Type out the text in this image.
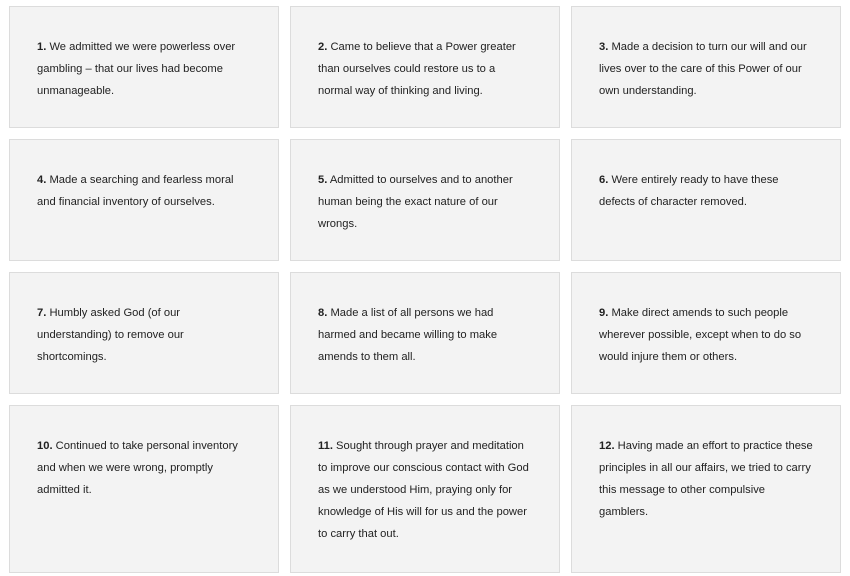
1. We admitted we were powerless over gambling – that our lives had become unmanageable.
2. Came to believe that a Power greater than ourselves could restore us to a normal way of thinking and living.
3. Made a decision to turn our will and our lives over to the care of this Power of our own understanding.
4. Made a searching and fearless moral and financial inventory of ourselves.
5. Admitted to ourselves and to another human being the exact nature of our wrongs.
6. Were entirely ready to have these defects of character removed.
7. Humbly asked God (of our understanding) to remove our shortcomings.
8. Made a list of all persons we had harmed and became willing to make amends to them all.
9. Make direct amends to such people wherever possible, except when to do so would injure them or others.
10. Continued to take personal inventory and when we were wrong, promptly admitted it.
11. Sought through prayer and meditation to improve our conscious contact with God as we understood Him, praying only for knowledge of His will for us and the power to carry that out.
12. Having made an effort to practice these principles in all our affairs, we tried to carry this message to other compulsive gamblers.
